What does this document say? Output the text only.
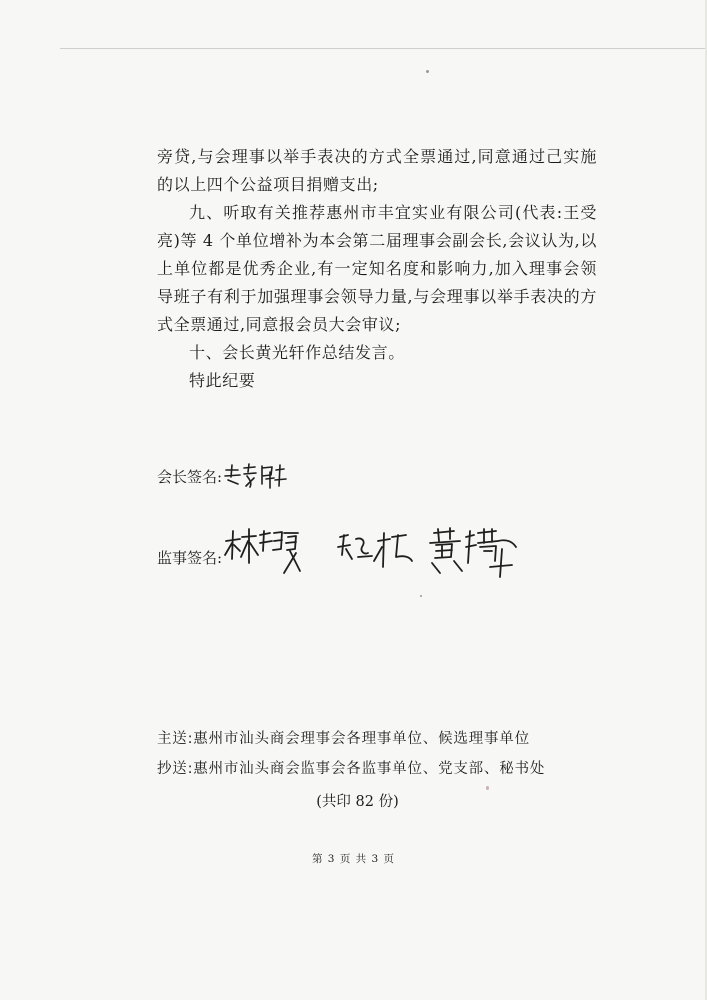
旁贷,与会理事以举手表决的方式全票通过,同意通过己实施的以上四个公益项目捐赠支出;

九、听取有关推荐惠州市丰宜实业有限公司(代表:王受亮)等 4 个单位增补为本会第二届理事会副会长,会议认为,以上单位都是优秀企业,有一定知名度和影响力,加入理事会领导班子有利于加强理事会领导力量,与会理事以举手表决的方式全票通过,同意报会员大会审议;

十、会长黄光轩作总结发言。

特此纪要

会长签名:
监事签名:

主送:惠州市汕头商会理事会各理事单位、候选理事单位

抄送:惠州市汕头商会监事会各监事单位、党支部、秘书处

(共印 82 份)
第 3 页 共 3 页
